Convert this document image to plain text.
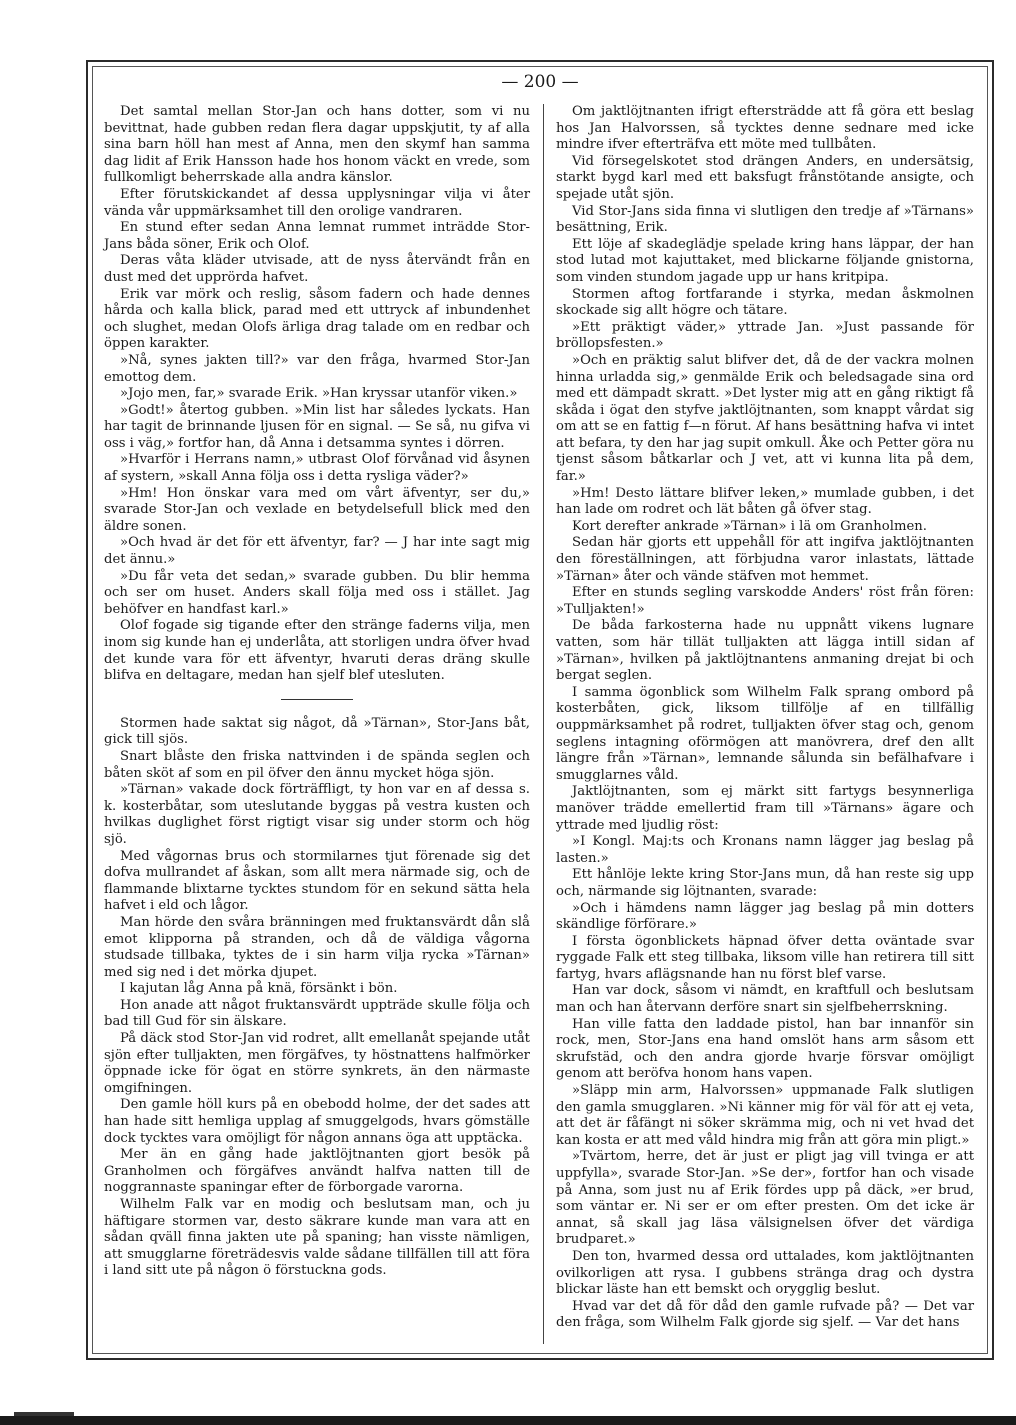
— 200 —

Det samtal mellan Stor-Jan och hans dotter, som vi nu bevittnat, hade gubben redan flera dagar uppskjutit, ty af alla sina barn höll han mest af Anna, men den skymf han samma dag lidit af Erik Hansson hade hos honom väckt en vrede, som fullkomligt beherrskade alla andra känslor.

Efter förutskickandet af dessa upplysningar vilja vi åter vända vår uppmärksamhet till den orolige vandraren.

En stund efter sedan Anna lemnat rummet inträdde Stor-Jans båda söner, Erik och Olof.

Deras våta kläder utvisade, att de nyss återvändt från en dust med det upprörda hafvet.

Erik var mörk och reslig, såsom fadern och hade dennes hårda och kalla blick, parad med ett uttryck af inbundenhet och slughet, medan Olofs ärliga drag talade om en redbar och öppen karakter.

»Nå, synes jakten till?» var den fråga, hvarmed Stor-Jan emottog dem.

»Jojo men, far,» svarade Erik. »Han kryssar utanför viken.»

»Godt!» återtog gubben. »Min list har således lyckats. Han har tagit de brinnande ljusen för en signal. — Se så, nu gifva vi oss i väg,» fortfor han, då Anna i detsamma syntes i dörren.

»Hvarför i Herrans namn,» utbrast Olof förvånad vid åsynen af systern, »skall Anna följa oss i detta rysliga väder?»

»Hm! Hon önskar vara med om vårt äfventyr, ser du,» svarade Stor-Jan och vexlade en betydelsefull blick med den äldre sonen.

»Och hvad är det för ett äfventyr, far? — J har inte sagt mig det ännu.»

»Du får veta det sedan,» svarade gubben. Du blir hemma och ser om huset. Anders skall följa med oss i stället. Jag behöfver en handfast karl.»

Olof fogade sig tigande efter den stränge faderns vilja, men inom sig kunde han ej underlåta, att storligen undra öfver hvad det kunde vara för ett äfventyr, hvaruti deras dräng skulle blifva en deltagare, medan han sjelf blef utesluten.

Stormen hade saktat sig något, då »Tärnan», Stor-Jans båt, gick till sjös.

Snart blåste den friska nattvinden i de spända seglen och båten sköt af som en pil öfver den ännu mycket höga sjön.

»Tärnan» vakade dock förträffligt, ty hon var en af dessa s. k. kosterbåtar, som uteslutande byggas på vestra kusten och hvilkas duglighet först rigtigt visar sig under storm och hög sjö.

Med vågornas brus och stormilarnes tjut förenade sig det dofva mullrandet af åskan, som allt mera närmade sig, och de flammande blixtarne tycktes stundom för en sekund sätta hela hafvet i eld och lågor.

Man hörde den svåra bränningen med fruktansvärdt dån slå emot klipporna på stranden, och då de väldiga vågorna studsade tillbaka, tyktes de i sin harm vilja rycka »Tärnan» med sig ned i det mörka djupet.

I kajutan låg Anna på knä, försänkt i bön.

Hon anade att något fruktansvärdt uppträde skulle följa och bad till Gud för sin älskare.

På däck stod Stor-Jan vid rodret, allt emellanåt spejande utåt sjön efter tulljakten, men förgäfves, ty höstnattens halfmörker öppnade icke för ögat en större synkrets, än den närmaste omgifningen.

Den gamle höll kurs på en obebodd holme, der det sades att han hade sitt hemliga upplag af smuggelgods, hvars gömställe dock tycktes vara omöjligt för någon annans öga att upptäcka.

Mer än en gång hade jaktlöjtnanten gjort besök på Granholmen och förgäfves användt halfva natten till de noggrannaste spaningar efter de förborgade varorna.

Wilhelm Falk var en modig och beslutsam man, och ju häftigare stormen var, desto säkrare kunde man vara att en sådan qväll finna jakten ute på spaning; han visste nämligen, att smugglarne företrädesvis valde sådane tillfällen till att föra i land sitt ute på någon ö förstuckna gods.

Om jaktlöjtnanten ifrigt eftersträdde att få göra ett beslag hos Jan Halvorssen, så tycktes denne sednare med icke mindre ifver efterträfva ett möte med tullbåten.

Vid försegelskotet stod drängen Anders, en undersätsig, starkt bygd karl med ett baksfugt frånstötande ansigte, och spejade utåt sjön.

Vid Stor-Jans sida finna vi slutligen den tredje af »Tärnans» besättning, Erik.

Ett löje af skadeglädje spelade kring hans läppar, der han stod lutad mot kajuttaket, med blickarne följande gnistorna, som vinden stundom jagade upp ur hans kritpipa.

Stormen aftog fortfarande i styrka, medan åskmolnen skockade sig allt högre och tätare.

»Ett präktigt väder,» yttrade Jan. »Just passande för bröllopsfesten.»

»Och en präktig salut blifver det, då de der vackra molnen hinna urladda sig,» genmälde Erik och beledsagade sina ord med ett dämpadt skratt. »Det lyster mig att en gång riktigt få skåda i ögat den styfve jaktlöjtnanten, som knappt vårdat sig om att se en fattig f—n förut. Af hans besättning hafva vi intet att befara, ty den har jag supit omkull. Åke och Petter göra nu tjenst såsom båtkarlar och J vet, att vi kunna lita på dem, far.»

»Hm! Desto lättare blifver leken,» mumlade gubben, i det han lade om rodret och lät båten gå öfver stag.

Kort derefter ankrade »Tärnan» i lä om Granholmen.

Sedan här gjorts ett uppehåll för att ingifva jaktlöjtnanten den föreställningen, att förbjudna varor inlastats, lättade »Tärnan» åter och vände stäfven mot hemmet.

Efter en stunds segling varskodde Anders' röst från fören: »Tulljakten!»

De båda farkosterna hade nu uppnått vikens lugnare vatten, som här tillät tulljakten att lägga intill sidan af »Tärnan», hvilken på jaktlöjtnantens anmaning drejat bi och bergat seglen.

I samma ögonblick som Wilhelm Falk sprang ombord på kosterbåten, gick, liksom tillfölje af en tillfällig ouppmärksamhet på rodret, tulljakten öfver stag och, genom seglens intagning oförmögen att manövrera, dref den allt längre från »Tärnan», lemnande sålunda sin befälhafvare i smugglarnes våld.

Jaktlöjtnanten, som ej märkt sitt fartygs besynnerliga manöver trädde emellertid fram till »Tärnans» ägare och yttrade med ljudlig röst:

»I Kongl. Maj:ts och Kronans namn lägger jag beslag på lasten.»

Ett hånlöje lekte kring Stor-Jans mun, då han reste sig upp och, närmande sig löjtnanten, svarade:

»Och i hämdens namn lägger jag beslag på min dotters skändlige förförare.»

I första ögonblickets häpnad öfver detta oväntade svar ryggade Falk ett steg tillbaka, liksom ville han retirera till sitt fartyg, hvars aflägsnande han nu först blef varse.

Han var dock, såsom vi nämdt, en kraftfull och beslutsam man och han återvann derföre snart sin sjelfbeherrskning.

Han ville fatta den laddade pistol, han bar innanför sin rock, men, Stor-Jans ena hand omslöt hans arm såsom ett skrufstäd, och den andra gjorde hvarje försvar omöjligt genom att beröfva honom hans vapen.

»Släpp min arm, Halvorssen» uppmanade Falk slutligen den gamla smugglaren. »Ni känner mig för väl för att ej veta, att det är fåfängt ni söker skrämma mig, och ni vet hvad det kan kosta er att med våld hindra mig från att göra min pligt.»

»Tvärtom, herre, det är just er pligt jag vill tvinga er att uppfylla», svarade Stor-Jan. »Se der», fortfor han och visade på Anna, som just nu af Erik fördes upp på däck, »er brud, som väntar er. Ni ser er om efter presten. Om det icke är annat, så skall jag läsa välsignelsen öfver det värdiga brudparet.»

Den ton, hvarmed dessa ord uttalades, kom jaktlöjtnanten ovilkorligen att rysa. I gubbens stränga drag och dystra blickar läste han ett bemskt och orygglig beslut.

Hvad var det då för dåd den gamle rufvade på? — Det var den fråga, som Wilhelm Falk gjorde sig sjelf. — Var det hans
